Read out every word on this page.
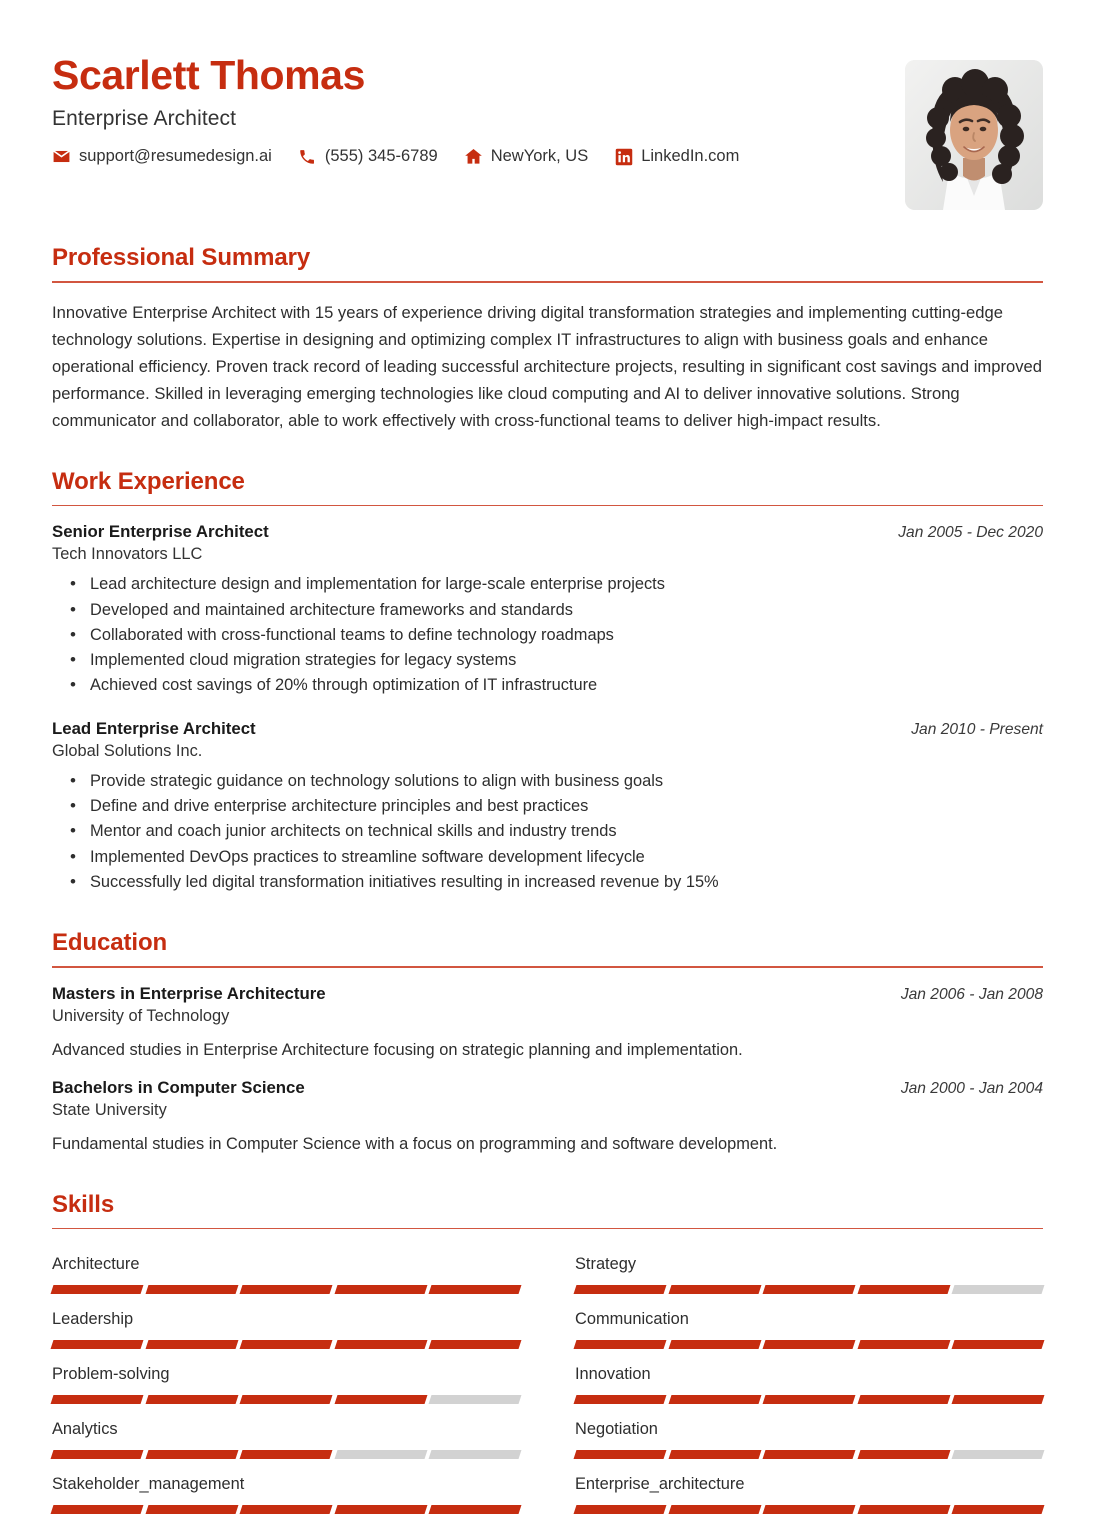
Scarlett Thomas
Enterprise Architect
support@resumedesign.ai	(555) 345-6789	NewYork, US	LinkedIn.com
Professional Summary

Innovative Enterprise Architect with 15 years of experience driving digital transformation strategies and implementing cutting-edge technology solutions. Expertise in designing and optimizing complex IT infrastructures to align with business goals and enhance operational efficiency. Proven track record of leading successful architecture projects, resulting in significant cost savings and improved performance. Skilled in leveraging emerging technologies like cloud computing and AI to deliver innovative solutions. Strong communicator and collaborator, able to work effectively with cross-functional teams to deliver high-impact results.

Work Experience
Senior Enterprise Architect	Jan 2005 - Dec 2020
Tech Innovators LLC
• Lead architecture design and implementation for large-scale enterprise projects
• Developed and maintained architecture frameworks and standards
• Collaborated with cross-functional teams to define technology roadmaps
• Implemented cloud migration strategies for legacy systems
• Achieved cost savings of 20% through optimization of IT infrastructure
Lead Enterprise Architect	Jan 2010 - Present
Global Solutions Inc.
• Provide strategic guidance on technology solutions to align with business goals
• Define and drive enterprise architecture principles and best practices
• Mentor and coach junior architects on technical skills and industry trends
• Implemented DevOps practices to streamline software development lifecycle
• Successfully led digital transformation initiatives resulting in increased revenue by 15%
Education
Masters in Enterprise Architecture	Jan 2006 - Jan 2008
University of Technology

Advanced studies in Enterprise Architecture focusing on strategic planning and implementation.

Bachelors in Computer Science	Jan 2000 - Jan 2004
State University

Fundamental studies in Computer Science with a focus on programming and software development.

Skills
Architecture	Strategy
Leadership	Communication
Problem-solving	Innovation
Analytics	Negotiation
Stakeholder_management	Enterprise_architecture
